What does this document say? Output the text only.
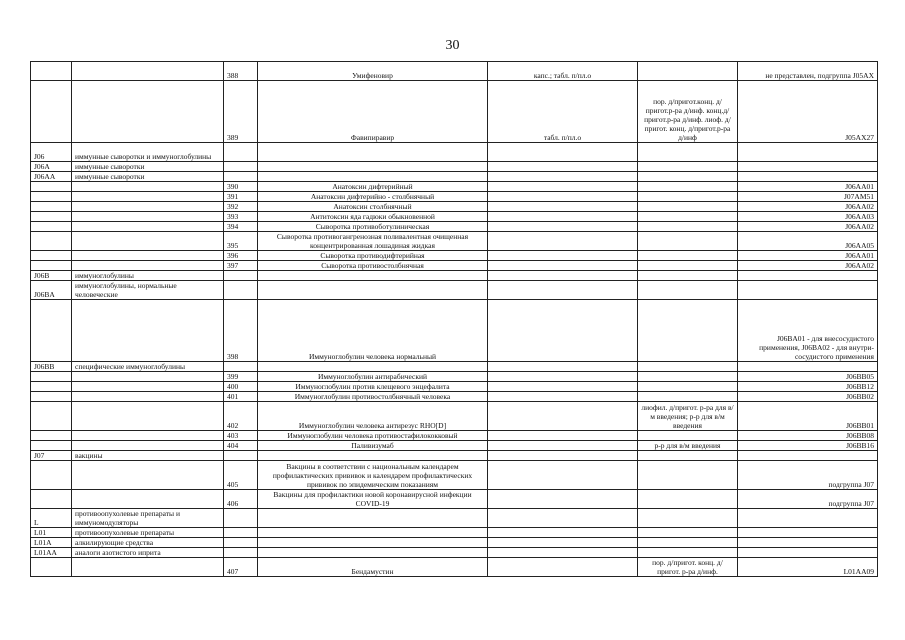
30
		388	Умифеновир	капс.; табл. п/пл.о		не представлен, подгруппа J05AX
		389	Фавипиравир	табл. п/пл.о	пор. д/пригот.конц. д/пригот.р-ра д/инф. конц.д/пригот.р-ра д/инф. лиоф. д/пригот. конц. д/пригот.р-ра д/инф	J05AX27
J06	иммунные сыворотки и иммуноглобулины					
J06A	иммунные сыворотки					
J06AA	иммунные сыворотки					
		390	Анатоксин дифтерийный			J06AA01
		391	Анатоксин дифтерийно - столбнячный			J07AM51
		392	Анатоксин столбнячный			J06AA02
		393	Антитоксин яда гадюки обыкновенной			J06AA03
		394	Сыворотка противоботулиническая			J06AA02
		395	Сыворотка противогангренозная поливалентная очищенная концентрированная лошадиная жидкая			J06AA05
		396	Сыворотка противодифтерийная			J06AA01
		397	Сыворотка противостолбнячная			J06AA02
J06B	иммуноглобулины					
J06BA	иммуноглобулины, нормальные человеческие					
		398	Иммуноглобулин человека нормальный			J06BA01 - для внесосудистого применения, J06BA02 - для внутри-сосудистого применения
J06BB	специфические иммуноглобулины					
		399	Иммуноглобулин антирабический			J06BB05
		400	Иммуноглобулин против клещевого энцефалита			J06BB12
		401	Иммуноглобулин противостолбнячный человека			J06BB02
		402	Иммуноглобулин человека антирезус RHO[D]		лиофил. д/пригот. р-ра для в/м введения; р-р для в/м введения	J06BB01
		403	Иммуноглобулин человека противостафилококковый			J06BB08
		404	Паливизумаб		р-р для в/м введения	J06BB16
J07	вакцины					
		405	Вакцины в соответствии с национальным календарем профилактических прививок и календарем профилактических прививок по эпидемическим показаниям			подгруппа J07
		406	Вакцины для профилактики новой коронавирусной инфекции COVID-19			подгруппа J07
L	противоопухолевые препараты и иммуномодуляторы					
L01	противоопухолевые препараты					
L01A	алкилирующие средства					
L01AA	аналоги азотистого иприта					
		407	Бендамустин		пор. д/пригот. конц. д/пригот. р-ра д/инф.	L01AA09
